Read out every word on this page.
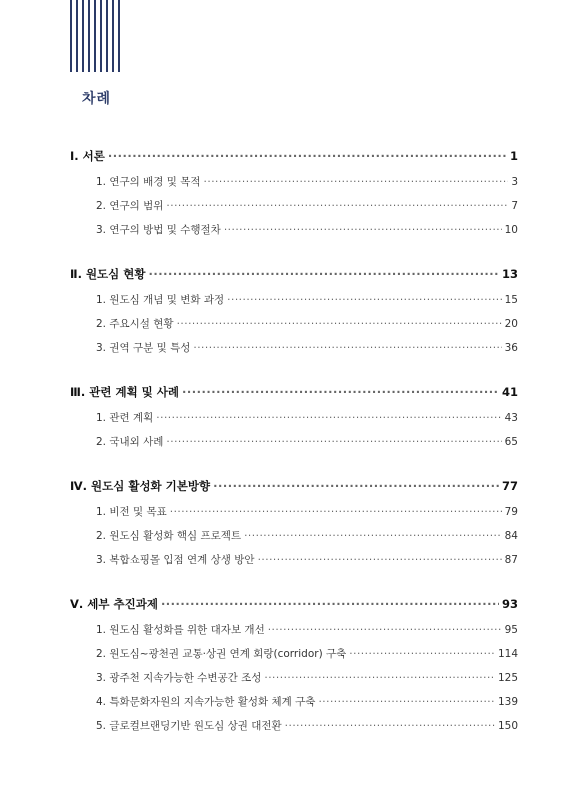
차례
Ⅰ. 서론 ·····	1
1. 연구의 배경 및 목적 ·····	3
2. 연구의 범위 ·····	7
3. 연구의 방법 및 수행절차 ·····	10
Ⅱ. 원도심 현황 ·····	13
1. 원도심 개념 및 변화 과정 ·····	15
2. 주요시설 현황 ·····	20
3. 권역 구분 및 특성 ·····	36
Ⅲ. 관련 계획 및 사례 ·····	41
1. 관련 계획 ·····	43
2. 국내외 사례 ·····	65
Ⅳ. 원도심 활성화 기본방향 ·····	77
1. 비전 및 목표 ·····	79
2. 원도심 활성화 핵심 프로젝트 ·····	84
3. 복합쇼핑몰 입점 연계 상생 방안 ·····	87
Ⅴ. 세부 추진과제 ·····	93
1. 원도심 활성화를 위한 대자보 개선 ·····	95
2. 원도심~광천권 교통·상권 연계 회랑(corridor) 구축 ·····	114
3. 광주천 지속가능한 수변공간 조성 ·····	125
4. 특화문화자원의 지속가능한 활성화 체계 구축 ·····	139
5. 글로컬브랜딩기반 원도심 상권 대전환 ·····	150
